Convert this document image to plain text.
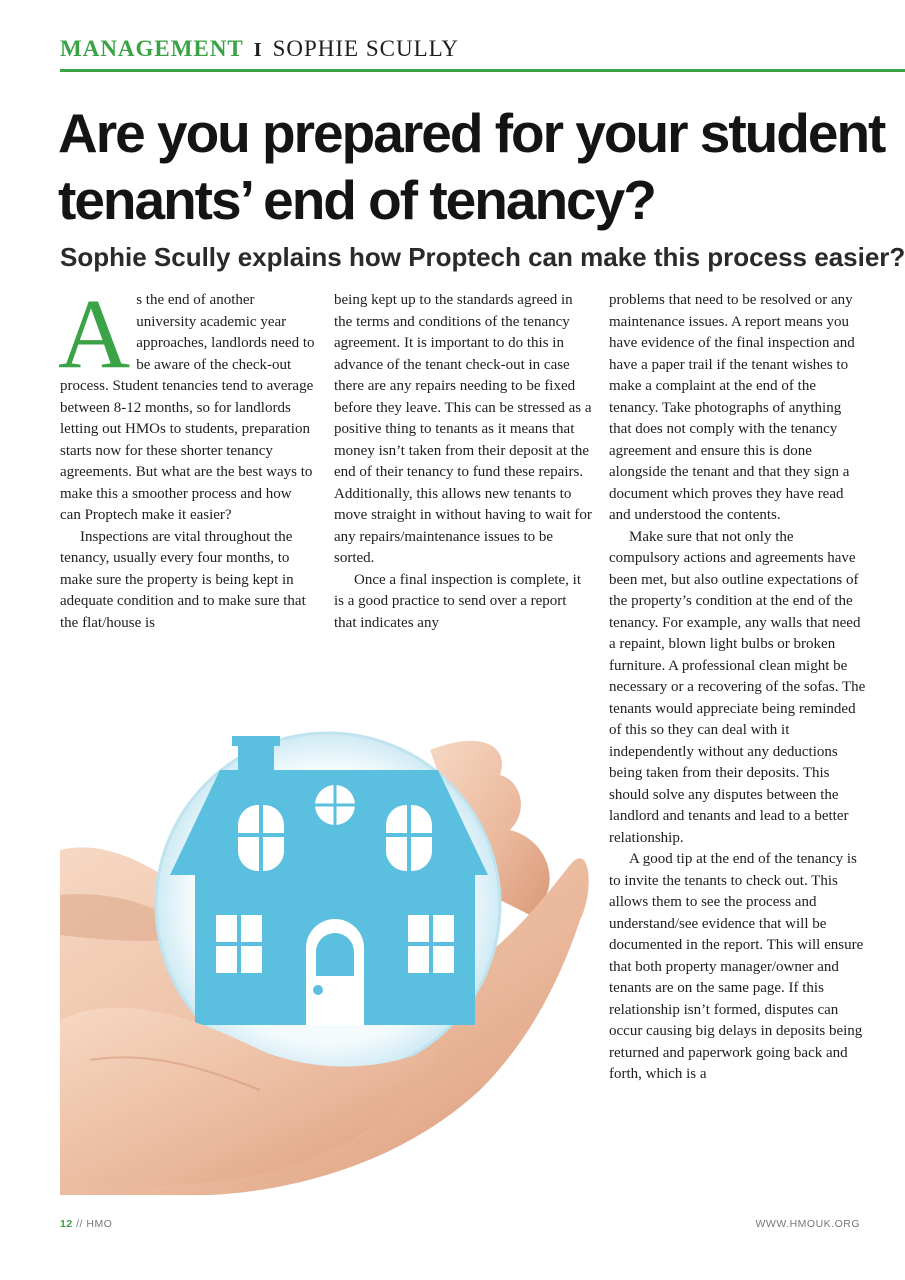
MANAGEMENT I SOPHIE SCULLY
Are you prepared for your student tenants’ end of tenancy?
Sophie Scully explains how Proptech can make this process easier?

As the end of another university academic year approaches, landlords need to be aware of the check-out process. Student tenancies tend to average between 8-12 months, so for landlords letting out HMOs to students, preparation starts now for these shorter tenancy agreements. But what are the best ways to make this a smoother process and how can Proptech make it easier?

Inspections are vital throughout the tenancy, usually every four months, to make sure the property is being kept in adequate condition and to make sure that the flat/house is

being kept up to the standards agreed in the terms and conditions of the tenancy agreement. It is important to do this in advance of the tenant check-out in case there are any repairs needing to be fixed before they leave. This can be stressed as a positive thing to tenants as it means that money isn’t taken from their deposit at the end of their tenancy to fund these repairs. Additionally, this allows new tenants to move straight in without having to wait for any repairs/maintenance issues to be sorted.

Once a final inspection is complete, it is a good practice to send over a report that indicates any

problems that need to be resolved or any maintenance issues. A report means you have evidence of the final inspection and have a paper trail if the tenant wishes to make a complaint at the end of the tenancy. Take photographs of anything that does not comply with the tenancy agreement and ensure this is done alongside the tenant and that they sign a document which proves they have read and understood the contents.

Make sure that not only the compulsory actions and agreements have been met, but also outline expectations of the property’s condition at the end of the tenancy. For example, any walls that need a repaint, blown light bulbs or broken furniture. A professional clean might be necessary or a recovering of the sofas. The tenants would appreciate being reminded of this so they can deal with it independently without any deductions being taken from their deposits. This should solve any disputes between the landlord and tenants and lead to a better relationship.

A good tip at the end of the tenancy is to invite the tenants to check out. This allows them to see the process and understand/see evidence that will be documented in the report. This will ensure that both property manager/owner and tenants are on the same page. If this relationship isn’t formed, disputes can occur causing big delays in deposits being returned and paperwork going back and forth, which is a

12 // HMO	WWW.HMOUK.ORG
